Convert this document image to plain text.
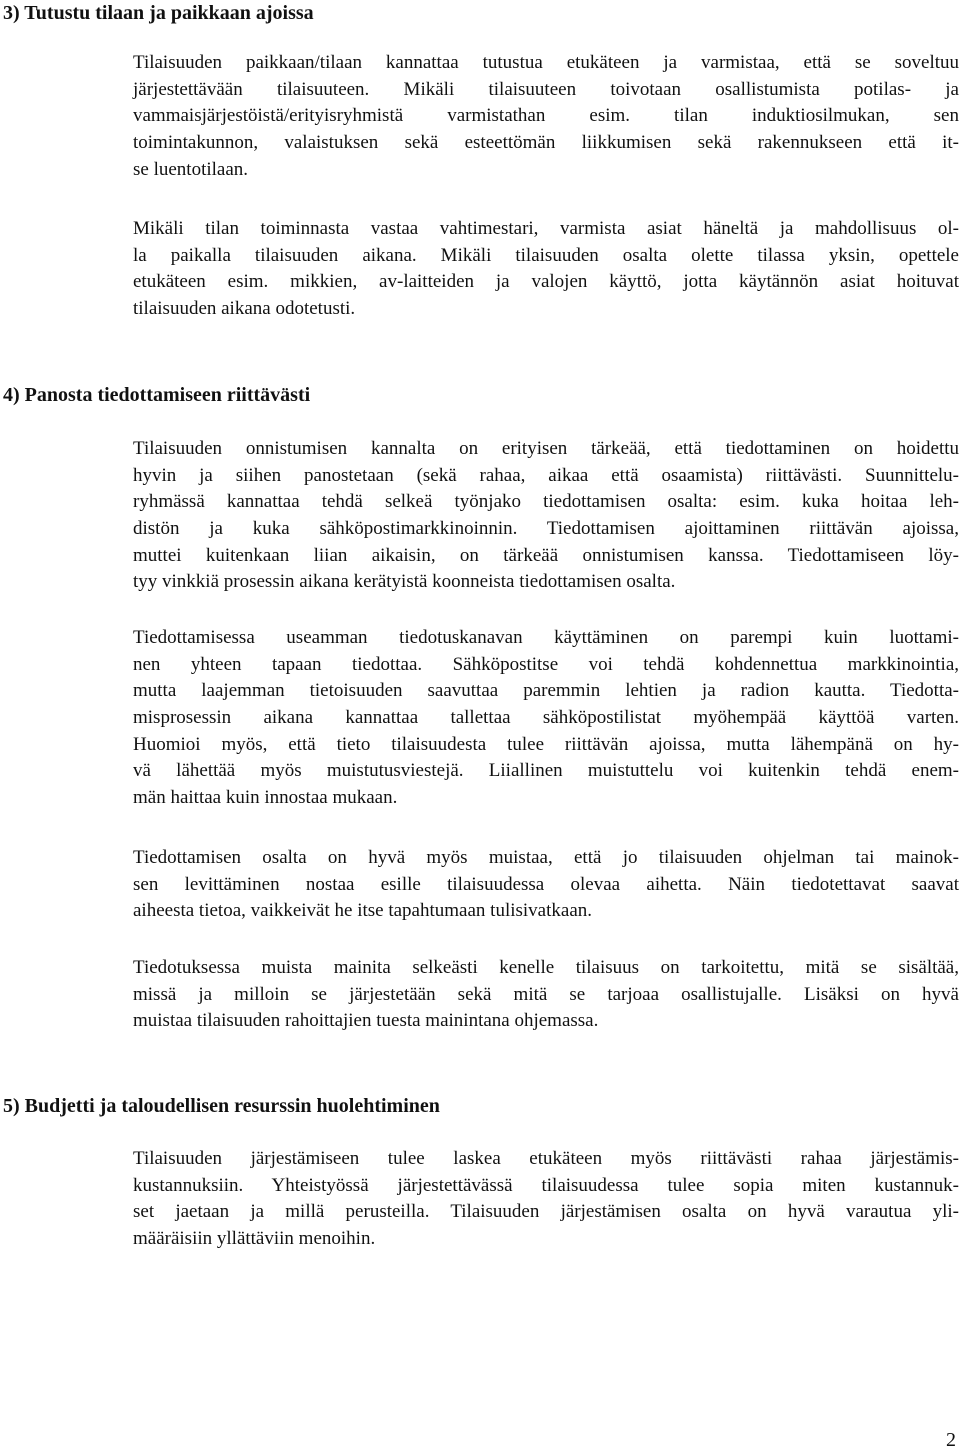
3) Tutustu tilaan ja paikkaan ajoissa
Tilaisuuden paikkaan/tilaan kannattaa tutustua etukäteen ja varmistaa, että se soveltuu
järjestettävään tilaisuuteen. Mikäli tilaisuuteen toivotaan osallistumista potilas- ja
vammaisjärjestöistä/erityisryhmistä varmistathan esim. tilan induktiosilmukan, sen
toimintakunnon, valaistuksen sekä esteettömän liikkumisen sekä rakennukseen että it-
se luentotilaan.
Mikäli tilan toiminnasta vastaa vahtimestari, varmista asiat häneltä ja mahdollisuus ol-
la paikalla tilaisuuden aikana. Mikäli tilaisuuden osalta olette tilassa yksin, opettele
etukäteen esim. mikkien, av-laitteiden ja valojen käyttö, jotta käytännön asiat hoituvat
tilaisuuden aikana odotetusti.
4) Panosta tiedottamiseen riittävästi
Tilaisuuden onnistumisen kannalta on erityisen tärkeää, että tiedottaminen on hoidettu
hyvin ja siihen panostetaan (sekä rahaa, aikaa että osaamista) riittävästi. Suunnittelu-
ryhmässä kannattaa tehdä selkeä työnjako tiedottamisen osalta: esim. kuka hoitaa leh-
distön ja kuka sähköpostimarkkinoinnin. Tiedottamisen ajoittaminen riittävän ajoissa,
muttei kuitenkaan liian aikaisin, on tärkeää onnistumisen kanssa. Tiedottamiseen löy-
tyy vinkkiä prosessin aikana kerätyistä koonneista tiedottamisen osalta.
Tiedottamisessa useamman tiedotuskanavan käyttäminen on parempi kuin luottami-
nen yhteen tapaan tiedottaa. Sähköpostitse voi tehdä kohdennettua markkinointia,
mutta laajemman tietoisuuden saavuttaa paremmin lehtien ja radion kautta. Tiedotta-
misprosessin aikana kannattaa tallettaa sähköpostilistat myöhempää käyttöä varten.
Huomioi myös, että tieto tilaisuudesta tulee riittävän ajoissa, mutta lähempänä on hy-
vä lähettää myös muistutusviestejä. Liiallinen muistuttelu voi kuitenkin tehdä enem-
män haittaa kuin innostaa mukaan.
Tiedottamisen osalta on hyvä myös muistaa, että jo tilaisuuden ohjelman tai mainok-
sen levittäminen nostaa esille tilaisuudessa olevaa aihetta. Näin tiedotettavat saavat
aiheesta tietoa, vaikkeivät he itse tapahtumaan tulisivatkaan.
Tiedotuksessa muista mainita selkeästi kenelle tilaisuus on tarkoitettu, mitä se sisältää,
missä ja milloin se järjestetään sekä mitä se tarjoaa osallistujalle. Lisäksi on hyvä
muistaa tilaisuuden rahoittajien tuesta mainintana ohjemassa.
5) Budjetti ja taloudellisen resurssin huolehtiminen
Tilaisuuden järjestämiseen tulee laskea etukäteen myös riittävästi rahaa järjestämis-
kustannuksiin. Yhteistyössä järjestettävässä tilaisuudessa tulee sopia miten kustannuk-
set jaetaan ja millä perusteilla. Tilaisuuden järjestämisen osalta on hyvä varautua yli-
määräisiin yllättäviin menoihin.
2
